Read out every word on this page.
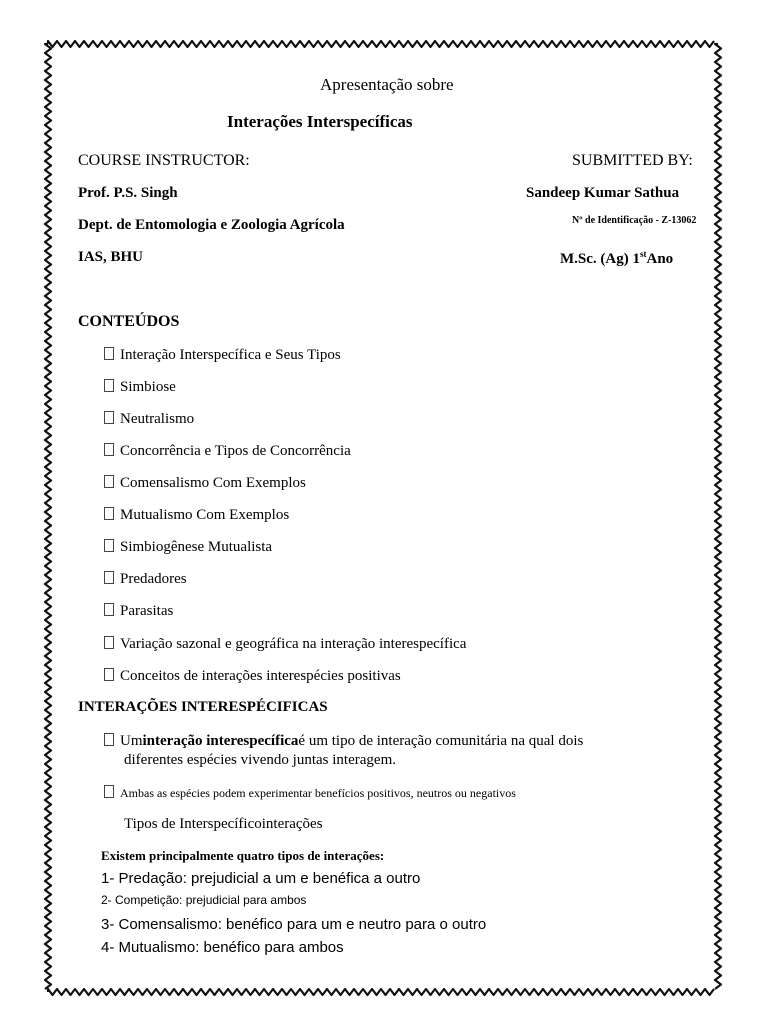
Apresentação sobre
Interações Interspecíficas
COURSE INSTRUCTOR:	SUBMITTED BY:
Prof. P.S. Singh	Sandeep Kumar Sathua
Dept. de Entomologia e Zoologia Agrícola	Nº de Identificação - Z-13062
IAS, BHU	M.Sc. (Ag) 1stAno
CONTEÚDOS
Interação Interspecífica e Seus Tipos
Simbiose
Neutralismo
Concorrência e Tipos de Concorrência
Comensalismo Com Exemplos
Mutualismo Com Exemplos
Simbiogênese Mutualista
Predadores
Parasitas
Variação sazonal e geográfica na interação interespecífica
Conceitos de interações interespécies positivas
INTERAÇÕES INTERESPÉCIFICAS
Uminteração interespecíficaé um tipo de interação comunitária na qual dois
diferentes espécies vivendo juntas interagem.
Ambas as espécies podem experimentar benefícios positivos, neutros ou negativos
Tipos de Interspecíficointerações
Existem principalmente quatro tipos de interações:
1- Predação: prejudicial a um e benéfica a outro
2- Competição: prejudicial para ambos
3- Comensalismo: benéfico para um e neutro para o outro
4- Mutualismo: benéfico para ambos
